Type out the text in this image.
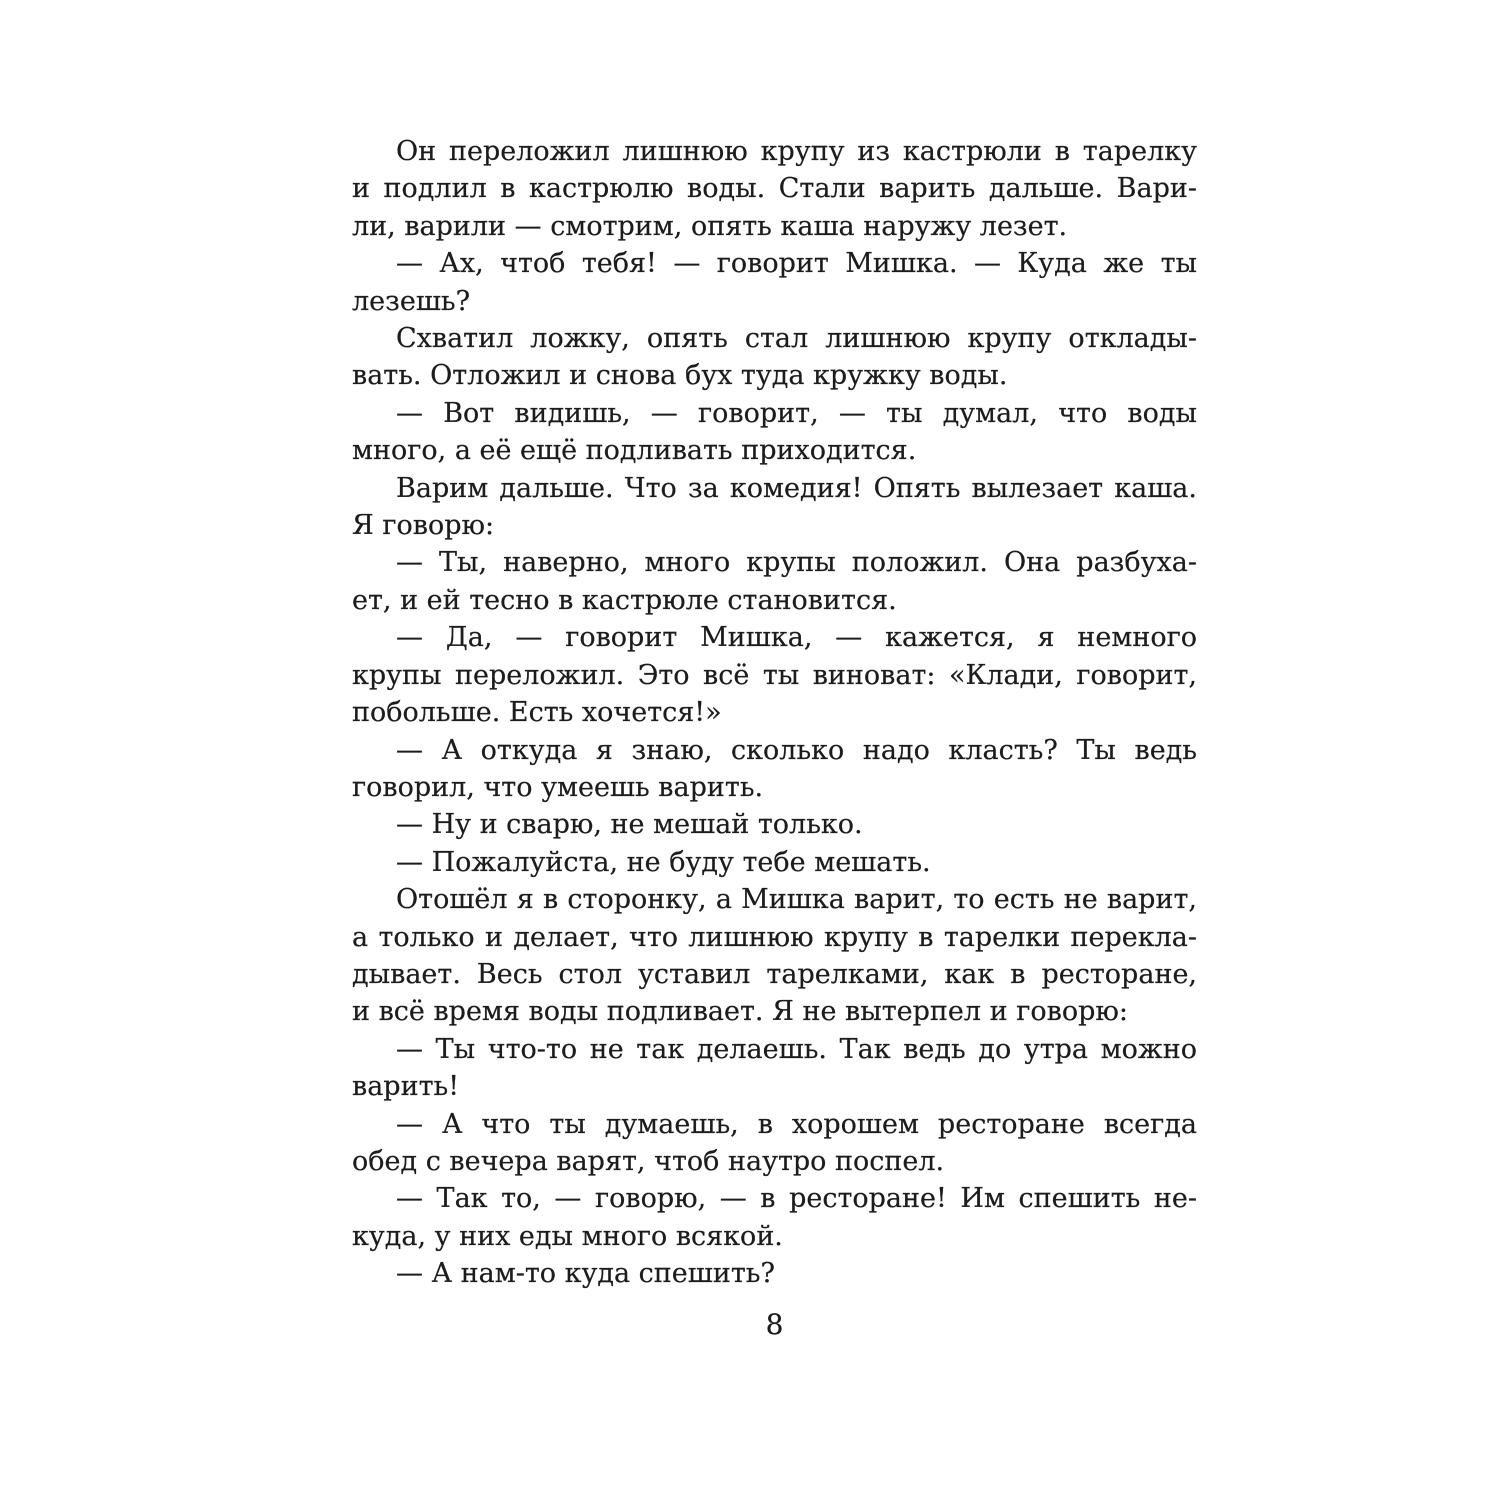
Он переложил лишнюю крупу из кастрюли в тарелку
и подлил в кастрюлю воды. Стали варить дальше. Вари-
ли, варили — смотрим, опять каша наружу лезет.
— Ах, чтоб тебя! — говорит Мишка. — Куда же ты
лезешь?
Схватил ложку, опять стал лишнюю крупу отклады-
вать. Отложил и снова бух туда кружку воды.
— Вот видишь, — говорит, — ты думал, что воды
много, а её ещё подливать приходится.
Варим дальше. Что за комедия! Опять вылезает каша.
Я говорю:
— Ты, наверно, много крупы положил. Она разбуха-
ет, и ей тесно в кастрюле становится.
— Да, — говорит Мишка, — кажется, я немного
крупы переложил. Это всё ты виноват: «Клади, говорит,
побольше. Есть хочется!»
— А откуда я знаю, сколько надо класть? Ты ведь
говорил, что умеешь варить.
— Ну и сварю, не мешай только.
— Пожалуйста, не буду тебе мешать.
Отошёл я в сторонку, а Мишка варит, то есть не варит,
а только и делает, что лишнюю крупу в тарелки перекла-
дывает. Весь стол уставил тарелками, как в ресторане,
и всё время воды подливает. Я не вытерпел и говорю:
— Ты что-то не так делаешь. Так ведь до утра можно
варить!
— А что ты думаешь, в хорошем ресторане всегда
обед с вечера варят, чтоб наутро поспел.
— Так то, — говорю, — в ресторане! Им спешить не-
куда, у них еды много всякой.
— А нам-то куда спешить?
8
